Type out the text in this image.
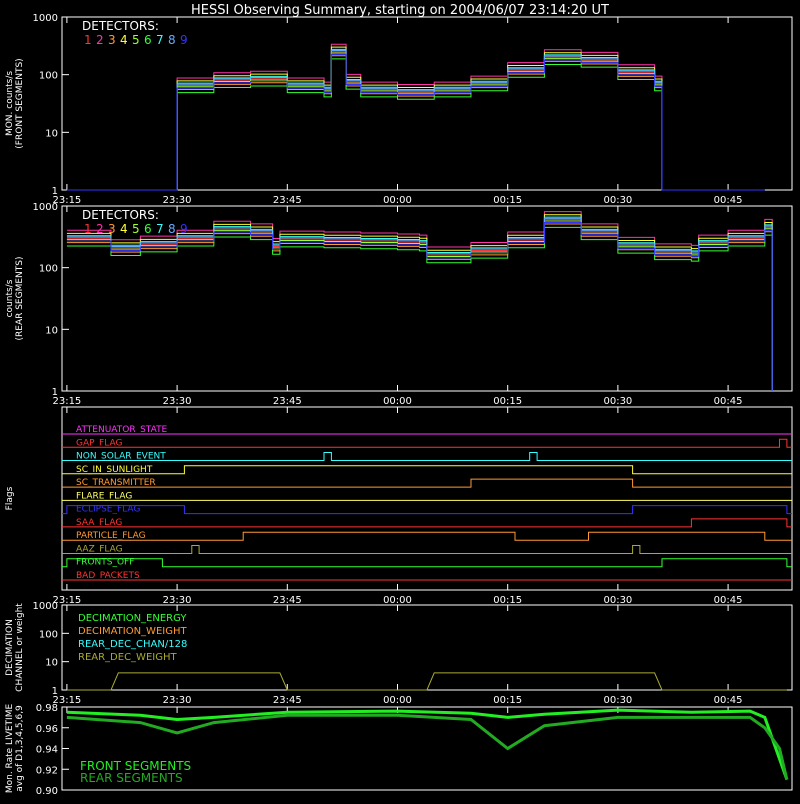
HESSI Observing Summary, starting on 2004/06/07 23:14:20 UT
23:15	23:30	23:45	00:00	00:15	00:30	00:45
1
10
100
1000
MON. counts/s (FRONT SEGMENTS)
DETECTORS:
1 2 3 4 5 6 7 8 9
23:15	23:30	23:45	00:00	00:15	00:30	00:45
1
10
100
1000
counts/s (REAR SEGMENTS)
DETECTORS:
1 2 3 4 5 6 7 8 9
23:15	23:30	23:45	00:00	00:15	00:30	00:45
Flags
ATTENUATOR_STATE
GAP_FLAG
NON_SOLAR_EVENT
SC_IN_SUNLIGHT
SC_TRANSMITTER
FLARE_FLAG
ECLIPSE_FLAG
SAA_FLAG
PARTICLE_FLAG
AAZ_FLAG
FRONTS_OFF
BAD_PACKETS
23:15	23:30	23:45	00:00	00:15	00:30	00:45
1
10
100
1000
DECIMATION CHANNEL or weight	DECIMATION_ENERGY
DECIMATION_WEIGHT
REAR_DEC_CHAN/128
REAR_DEC_WEIGHT
Mon. Rate LIVETIME avg of D1,3,4,5,6,9 0.90
0.92
0.94
0.96
0.98
FRONT SEGMENTS
REAR SEGMENTS
